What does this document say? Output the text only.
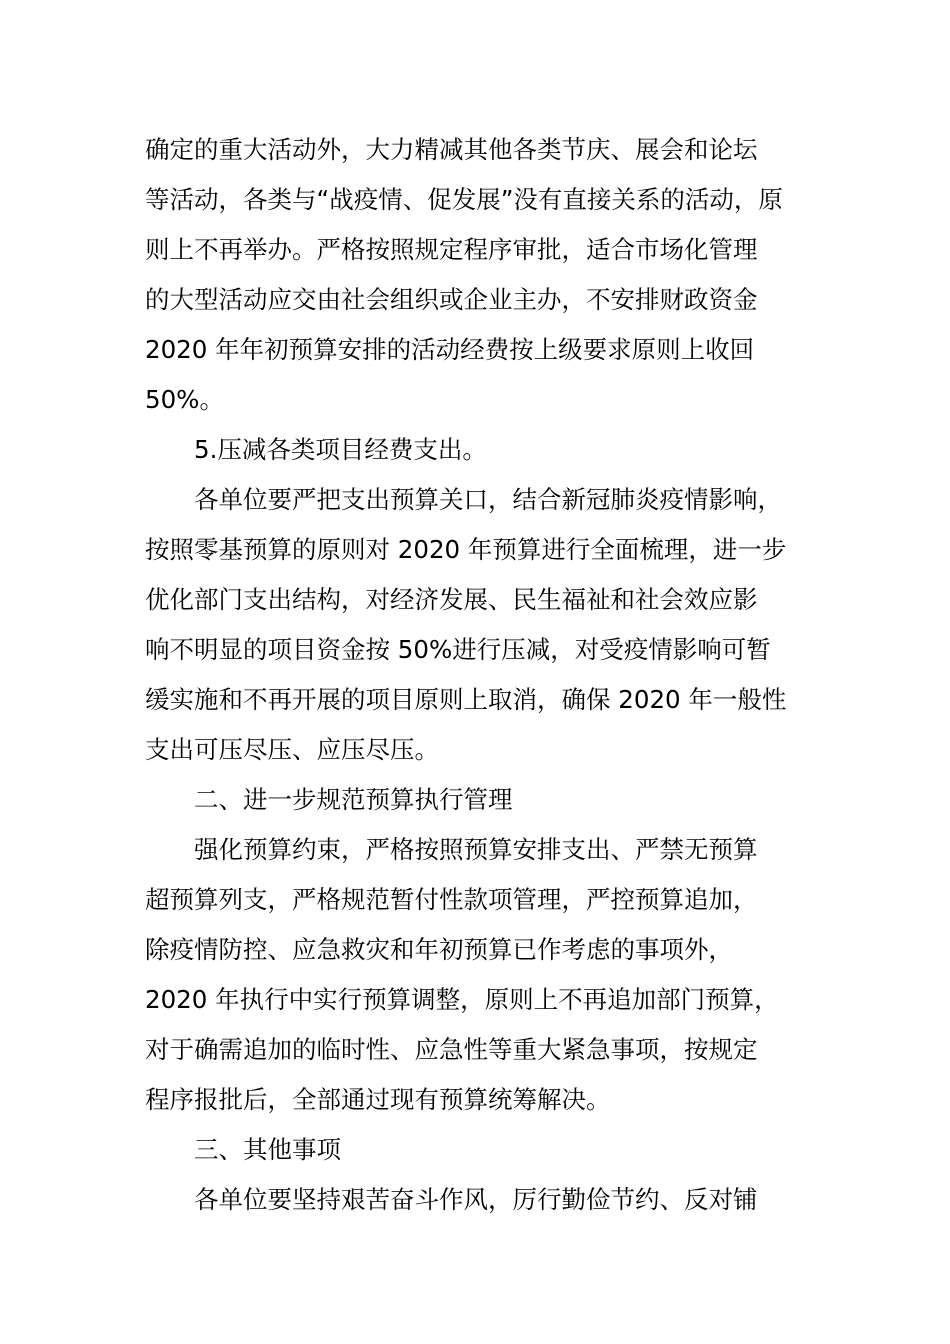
确定的重大活动外，大力精减其他各类节庆、展会和论坛

等活动，各类与“战疫情、促发展”没有直接关系的活动，原

则上不再举办。严格按照规定程序审批，适合市场化管理

的大型活动应交由社会组织或企业主办，不安排财政资金

2020 年年初预算安排的活动经费按上级要求原则上收回

50%。

5.压减各类项目经费支出。

各单位要严把支出预算关口，结合新冠肺炎疫情影响，

按照零基预算的原则对 2020 年预算进行全面梳理，进一步

优化部门支出结构，对经济发展、民生福祉和社会效应影

响不明显的项目资金按 50%进行压减，对受疫情影响可暂

缓实施和不再开展的项目原则上取消，确保 2020 年一般性

支出可压尽压、应压尽压。

二、进一步规范预算执行管理

强化预算约束，严格按照预算安排支出、严禁无预算

超预算列支，严格规范暂付性款项管理，严控预算追加，

除疫情防控、应急救灾和年初预算已作考虑的事项外，

2020 年执行中实行预算调整，原则上不再追加部门预算，

对于确需追加的临时性、应急性等重大紧急事项，按规定

程序报批后，全部通过现有预算统筹解决。

三、其他事项

各单位要坚持艰苦奋斗作风，厉行勤俭节约、反对铺
